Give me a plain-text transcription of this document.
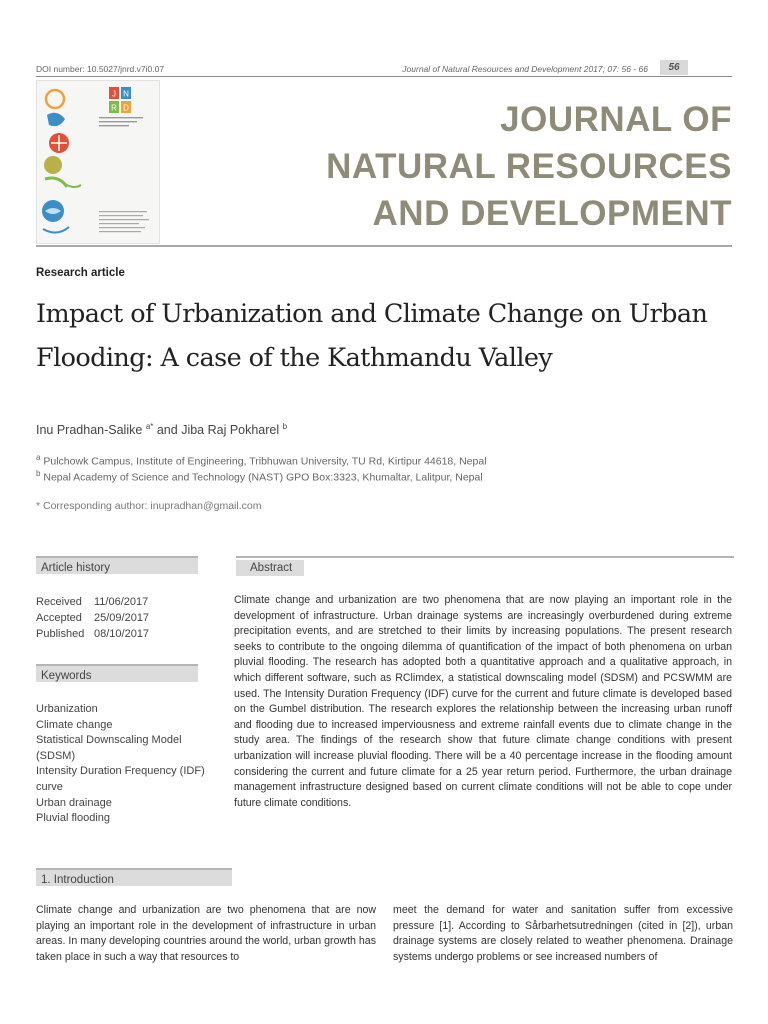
DOI number: 10.5027/jnrd.v7i0.07	Journal of Natural Resources and Development 2017; 07: 56 - 66	56
J N
R D	JOURNAL OF
NATURAL RESOURCES
AND DEVELOPMENT
Research article
Impact of Urbanization and Climate Change on Urban
Flooding: A case of the Kathmandu Valley
Inu Pradhan-Salike $^{a*}$ and Jiba Raj Pokharel $^b$
$^a$ Pulchowk Campus, Institute of Engineering, Tribhuwan University, TU Rd, Kirtipur 44618, Nepal
$^b$ Nepal Academy of Science and Technology (NAST) GPO Box:3323, Khumaltar, Lalitpur, Nepal
* Corresponding author: inupradhan@gmail.com
Article history
Received 11/06/2017
Accepted 25/09/2017
Published 08/10/2017
Keywords
Urbanization
Climate change
Statistical Downscaling Model
(SDSM)
Intensity Duration Frequency (IDF)
curve
Urban drainage
Pluvial flooding
Abstract
Climate change and urbanization are two phenomena that are now playing an important role in the development of infrastructure. Urban drainage systems are increasingly overburdened during extreme precipitation events, and are stretched to their limits by increasing populations. The present research seeks to contribute to the ongoing dilemma of quantification of the impact of both phenomena on urban pluvial flooding. The research has adopted both a quantitative approach and a qualitative approach, in which different software, such as RClimdex, a statistical downscaling model (SDSM) and PCSWMM are used. The Intensity Duration Frequency (IDF) curve for the current and future climate is developed based on the Gumbel distribution. The research explores the relationship between the increasing urban runoff and flooding due to increased imperviousness and extreme rainfall events due to climate change in the study area. The findings of the research show that future climate change conditions with present urbanization will increase pluvial flooding. There will be a 40 percentage increase in the flooding amount considering the current and future climate for a 25 year return period. Furthermore, the urban drainage management infrastructure designed based on current climate conditions will not be able to cope under future climate conditions.
1. Introduction
Climate change and urbanization are two phenomena that are now playing an important role in the development of infrastructure in urban areas. In many developing countries around the world, urban growth has taken place in such a way that resources to
meet the demand for water and sanitation suffer from excessive pressure [1]. According to Sårbarhetsutredningen (cited in [2]), urban drainage systems are closely related to weather phenomena. Drainage systems undergo problems or see increased numbers of
